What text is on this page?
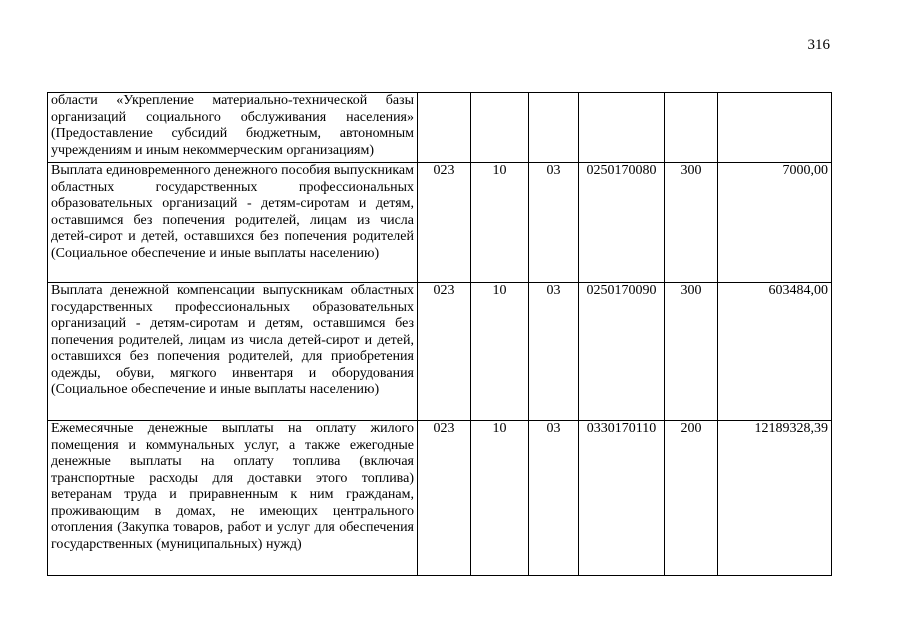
316
области «Укрепление материально-технической базы организаций социального обслуживания населения» (Предоставление субсидий бюджетным, автономным учреждениям и иным некоммерческим организациям)						
Выплата единовременного денежного пособия выпускникам областных государственных профессиональных образовательных организаций - детям-сиротам и детям, оставшимся без попечения родителей, лицам из числа детей-сирот и детей, оставшихся без попечения родителей (Социальное обеспечение и иные выплаты населению)	023	10	03	0250170080	300	7000,00
Выплата денежной компенсации выпускникам областных государственных профессиональных образовательных организаций - детям-сиротам и детям, оставшимся без попечения родителей, лицам из числа детей-сирот и детей, оставшихся без попечения родителей, для приобретения одежды, обуви, мягкого инвентаря и оборудования (Социальное обеспечение и иные выплаты населению)	023	10	03	0250170090	300	603484,00
Ежемесячные денежные выплаты на оплату жилого помещения и коммунальных услуг, а также ежегодные денежные выплаты на оплату топлива (включая транспортные расходы для доставки этого топлива) ветеранам труда и приравненным к ним гражданам, проживающим в домах, не имеющих центрального отопления (Закупка товаров, работ и услуг для обеспечения государственных (муниципальных) нужд)	023	10	03	0330170110	200	12189328,39
